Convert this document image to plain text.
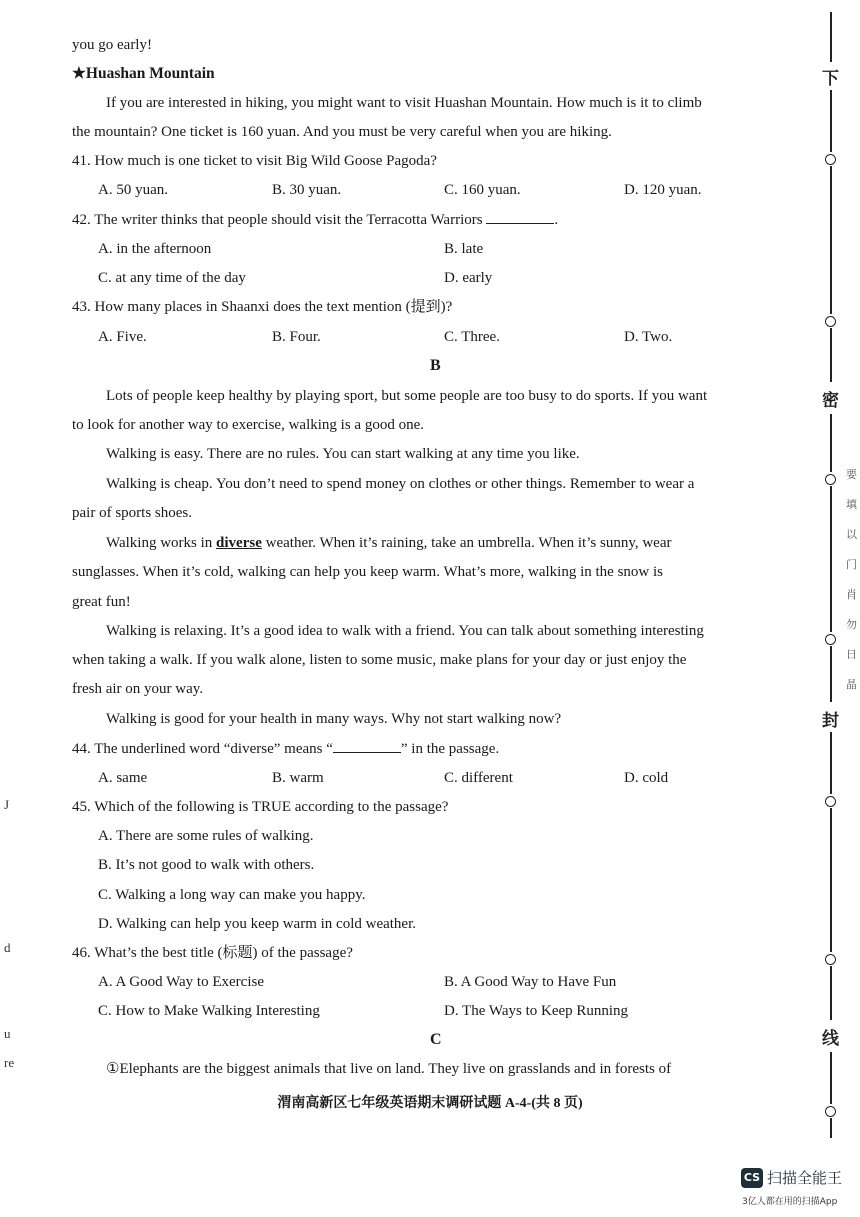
you go early!
★Huashan Mountain
If you are interested in hiking, you might want to visit Huashan Mountain. How much is it to climb
the mountain? One ticket is 160 yuan. And you must be very careful when you are hiking.
41. How much is one ticket to visit Big Wild Goose Pagoda?
A. 50 yuan.	B. 30 yuan.	C. 160 yuan.	D. 120 yuan.
42. The writer thinks that people should visit the Terracotta Warriors	.
A. in the afternoon	B. late
C. at any time of the day	D. early
43. How many places in Shaanxi does the text mention (提到)?
A. Five.	B. Four.	C. Three.	D. Two.
B
Lots of people keep healthy by playing sport, but some people are too busy to do sports. If you want
to look for another way to exercise, walking is a good one.
Walking is easy. There are no rules. You can start walking at any time you like.
Walking is cheap. You don’t need to spend money on clothes or other things. Remember to wear a
pair of sports shoes.
Walking works in diverse weather. When it’s raining, take an umbrella. When it’s sunny, wear
sunglasses. When it’s cold, walking can help you keep warm. What’s more, walking in the snow is
great fun!
Walking is relaxing. It’s a good idea to walk with a friend. You can talk about something interesting
when taking a walk. If you walk alone, listen to some music, make plans for your day or just enjoy the
fresh air on your way.
Walking is good for your health in many ways. Why not start walking now?
44. The underlined word “diverse” means “	” in the passage.
A. same	B. warm	C. different	D. cold
45. Which of the following is TRUE according to the passage?
A. There are some rules of walking.
B. It’s not good to walk with others.
C. Walking a long way can make you happy.
D. Walking can help you keep warm in cold weather.
46. What’s the best title (标题) of the passage?
A. A Good Way to Exercise	B. A Good Way to Have Fun
C. How to Make Walking Interesting	D. The Ways to Keep Running
C
①Elephants are the biggest animals that live on land. They live on grasslands and in forests of
渭南高新区七年级英语期末调研试题 A-4-(共 8 页)
J
d
u
re
下
密
封
线
要 填 以 门 肖 勿 日 晶
CS 扫描全能王
3亿人都在用的扫描App
